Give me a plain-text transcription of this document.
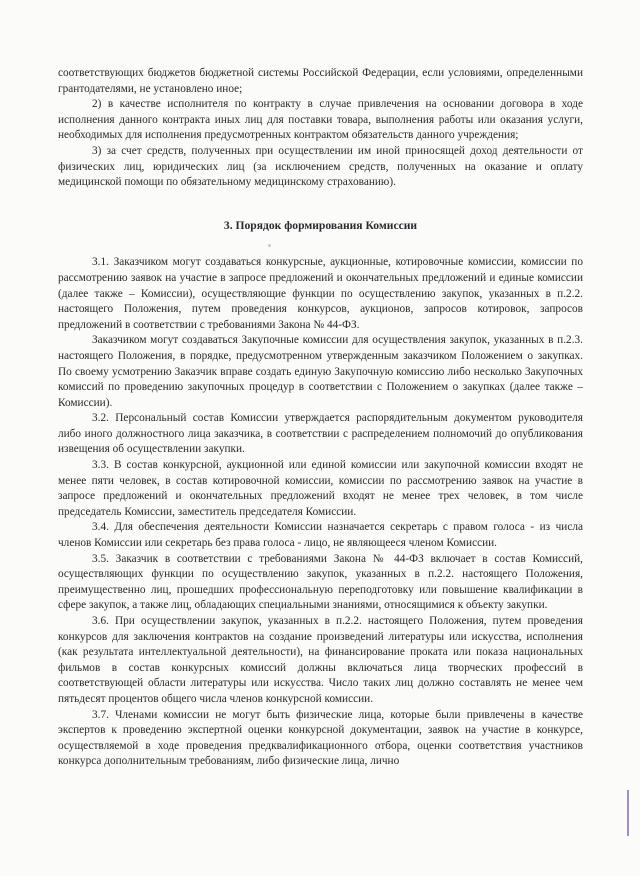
соответствующих бюджетов бюджетной системы Российской Федерации, если условиями, определенными грантодателями, не установлено иное;

2) в качестве исполнителя по контракту в случае привлечения на основании договора в ходе исполнения данного контракта иных лиц для поставки товара, выполнения работы или оказания услуги, необходимых для исполнения предусмотренных контрактом обязательств данного учреждения;

3) за счет средств, полученных при осуществлении им иной приносящей доход деятельности от физических лиц, юридических лиц (за исключением средств, полученных на оказание и оплату медицинской помощи по обязательному медицинскому страхованию).

3. Порядок формирования Комиссии

3.1. Заказчиком могут создаваться конкурсные, аукционные, котировочные комиссии, комиссии по рассмотрению заявок на участие в запросе предложений и окончательных предложений и единые комиссии (далее также – Комиссии), осуществляющие функции по осуществлению закупок, указанных в п.2.2. настоящего Положения, путем проведения конкурсов, аукционов, запросов котировок, запросов предложений в соответствии с требованиями Закона № 44-ФЗ.

Заказчиком могут создаваться Закупочные комиссии для осуществления закупок, указанных в п.2.3. настоящего Положения, в порядке, предусмотренном утвержденным заказчиком Положением о закупках. По своему усмотрению Заказчик вправе создать единую Закупочную комиссию либо несколько Закупочных комиссий по проведению закупочных процедур в соответствии с Положением о закупках (далее также – Комиссии).

3.2. Персональный состав Комиссии утверждается распорядительным документом руководителя либо иного должностного лица заказчика, в соответствии с распределением полномочий до опубликования извещения об осуществлении закупки.

3.3. В состав конкурсной, аукционной или единой комиссии или закупочной комиссии входят не менее пяти человек, в состав котировочной комиссии, комиссии по рассмотрению заявок на участие в запросе предложений и окончательных предложений входят не менее трех человек, в том числе председатель Комиссии, заместитель председателя Комиссии.

3.4. Для обеспечения деятельности Комиссии назначается секретарь с правом голоса - из числа членов Комиссии или секретарь без права голоса - лицо, не являющееся членом Комиссии.

3.5. Заказчик в соответствии с требованиями Закона № 44-ФЗ включает в состав Комиссий, осуществляющих функции по осуществлению закупок, указанных в п.2.2. настоящего Положения, преимущественно лиц, прошедших профессиональную переподготовку или повышение квалификации в сфере закупок, а также лиц, обладающих специальными знаниями, относящимися к объекту закупки.

3.6. При осуществлении закупок, указанных в п.2.2. настоящего Положения, путем проведения конкурсов для заключения контрактов на создание произведений литературы или искусства, исполнения (как результата интеллектуальной деятельности), на финансирование проката или показа национальных фильмов в состав конкурсных комиссий должны включаться лица творческих профессий в соответствующей области литературы или искусства. Число таких лиц должно составлять не менее чем пятьдесят процентов общего числа членов конкурсной комиссии.

3.7. Членами комиссии не могут быть физические лица, которые были привлечены в качестве экспертов к проведению экспертной оценки конкурсной документации, заявок на участие в конкурсе, осуществляемой в ходе проведения предквалификационного отбора, оценки соответствия участников конкурса дополнительным требованиям, либо физические лица, лично
